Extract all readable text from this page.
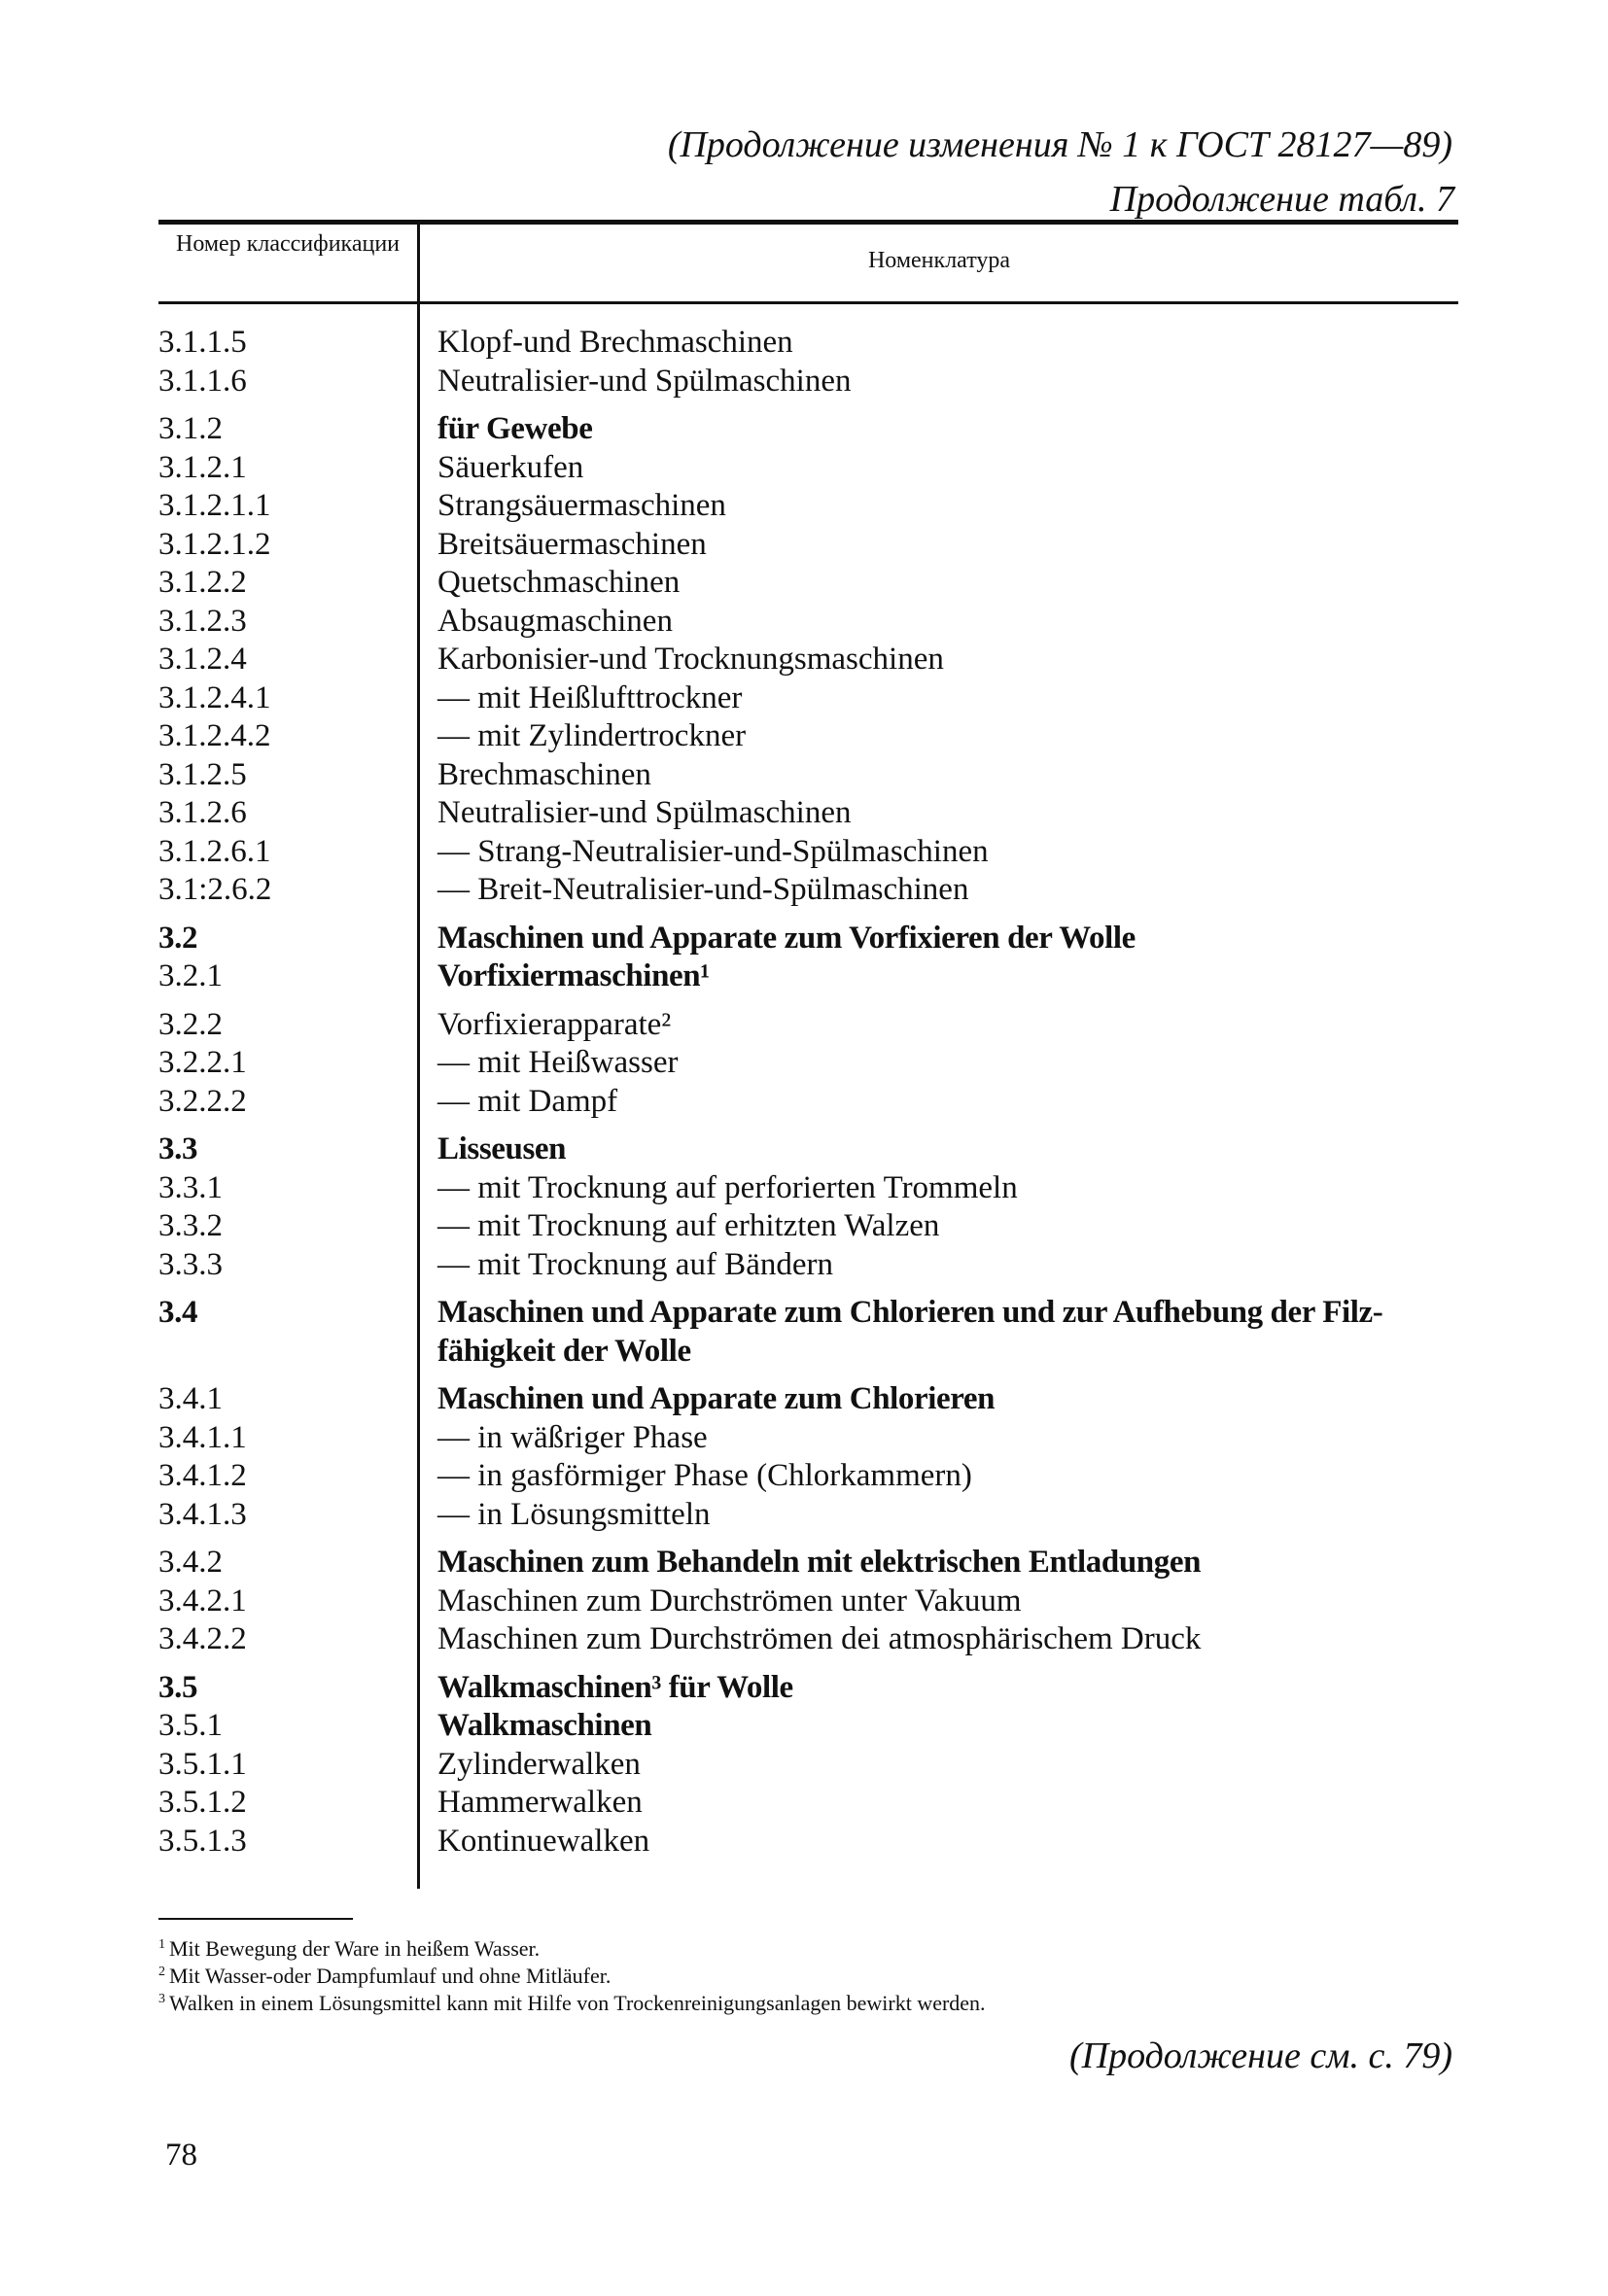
(Продолжение изменения № 1 к ГОСТ 28127—89)
Продолжение табл. 7
Номер классификации
Номенклатура
3.1.1.5	Klopf-und Brechmaschinen
3.1.1.6	Neutralisier-und Spülmaschinen
3.1.2	für Gewebe
3.1.2.1	Säuerkufen
3.1.2.1.1	Strangsäuermaschinen
3.1.2.1.2	Breitsäuermaschinen
3.1.2.2	Quetschmaschinen
3.1.2.3	Absaugmaschinen
3.1.2.4	Karbonisier-und Trocknungsmaschinen
3.1.2.4.1	— mit Heißlufttrockner
3.1.2.4.2	— mit Zylindertrockner
3.1.2.5	Brechmaschinen
3.1.2.6	Neutralisier-und Spülmaschinen
3.1.2.6.1	— Strang-Neutralisier-und-Spülmaschinen
3.1:2.6.2	— Breit-Neutralisier-und-Spülmaschinen
3.2	Maschinen und Apparate zum Vorfixieren der Wolle
3.2.1	Vorfixiermaschinen¹
3.2.2	Vorfixierapparate²
3.2.2.1	— mit Heißwasser
3.2.2.2	— mit Dampf
3.3	Lisseusen
3.3.1	— mit Trocknung auf perforierten Trommeln
3.3.2	— mit Trocknung auf erhitzten Walzen
3.3.3	— mit Trocknung auf Bändern
3.4	Maschinen und Apparate zum Chlorieren und zur Aufhebung der Filz-fähigkeit der Wolle
3.4.1	Maschinen und Apparate zum Chlorieren
3.4.1.1	— in wäßriger Phase
3.4.1.2	— in gasförmiger Phase (Chlorkammern)
3.4.1.3	— in Lösungsmitteln
3.4.2	Maschinen zum Behandeln mit elektrischen Entladungen
3.4.2.1	Maschinen zum Durchströmen unter Vakuum
3.4.2.2	Maschinen zum Durchströmen dei atmosphärischem Druck
3.5	Walkmaschinen³ für Wolle
3.5.1	Walkmaschinen
3.5.1.1	Zylinderwalken
3.5.1.2	Hammerwalken
3.5.1.3	Kontinuewalken
$^1$ Mit Bewegung der Ware in heißem Wasser.
$^2$ Mit Wasser-oder Dampfumlauf und ohne Mitläufer.
$^3$ Walken in einem Lösungsmittel kann mit Hilfe von Trockenreinigungsanlagen bewirkt werden.
(Продолжение см. с. 79)
78
